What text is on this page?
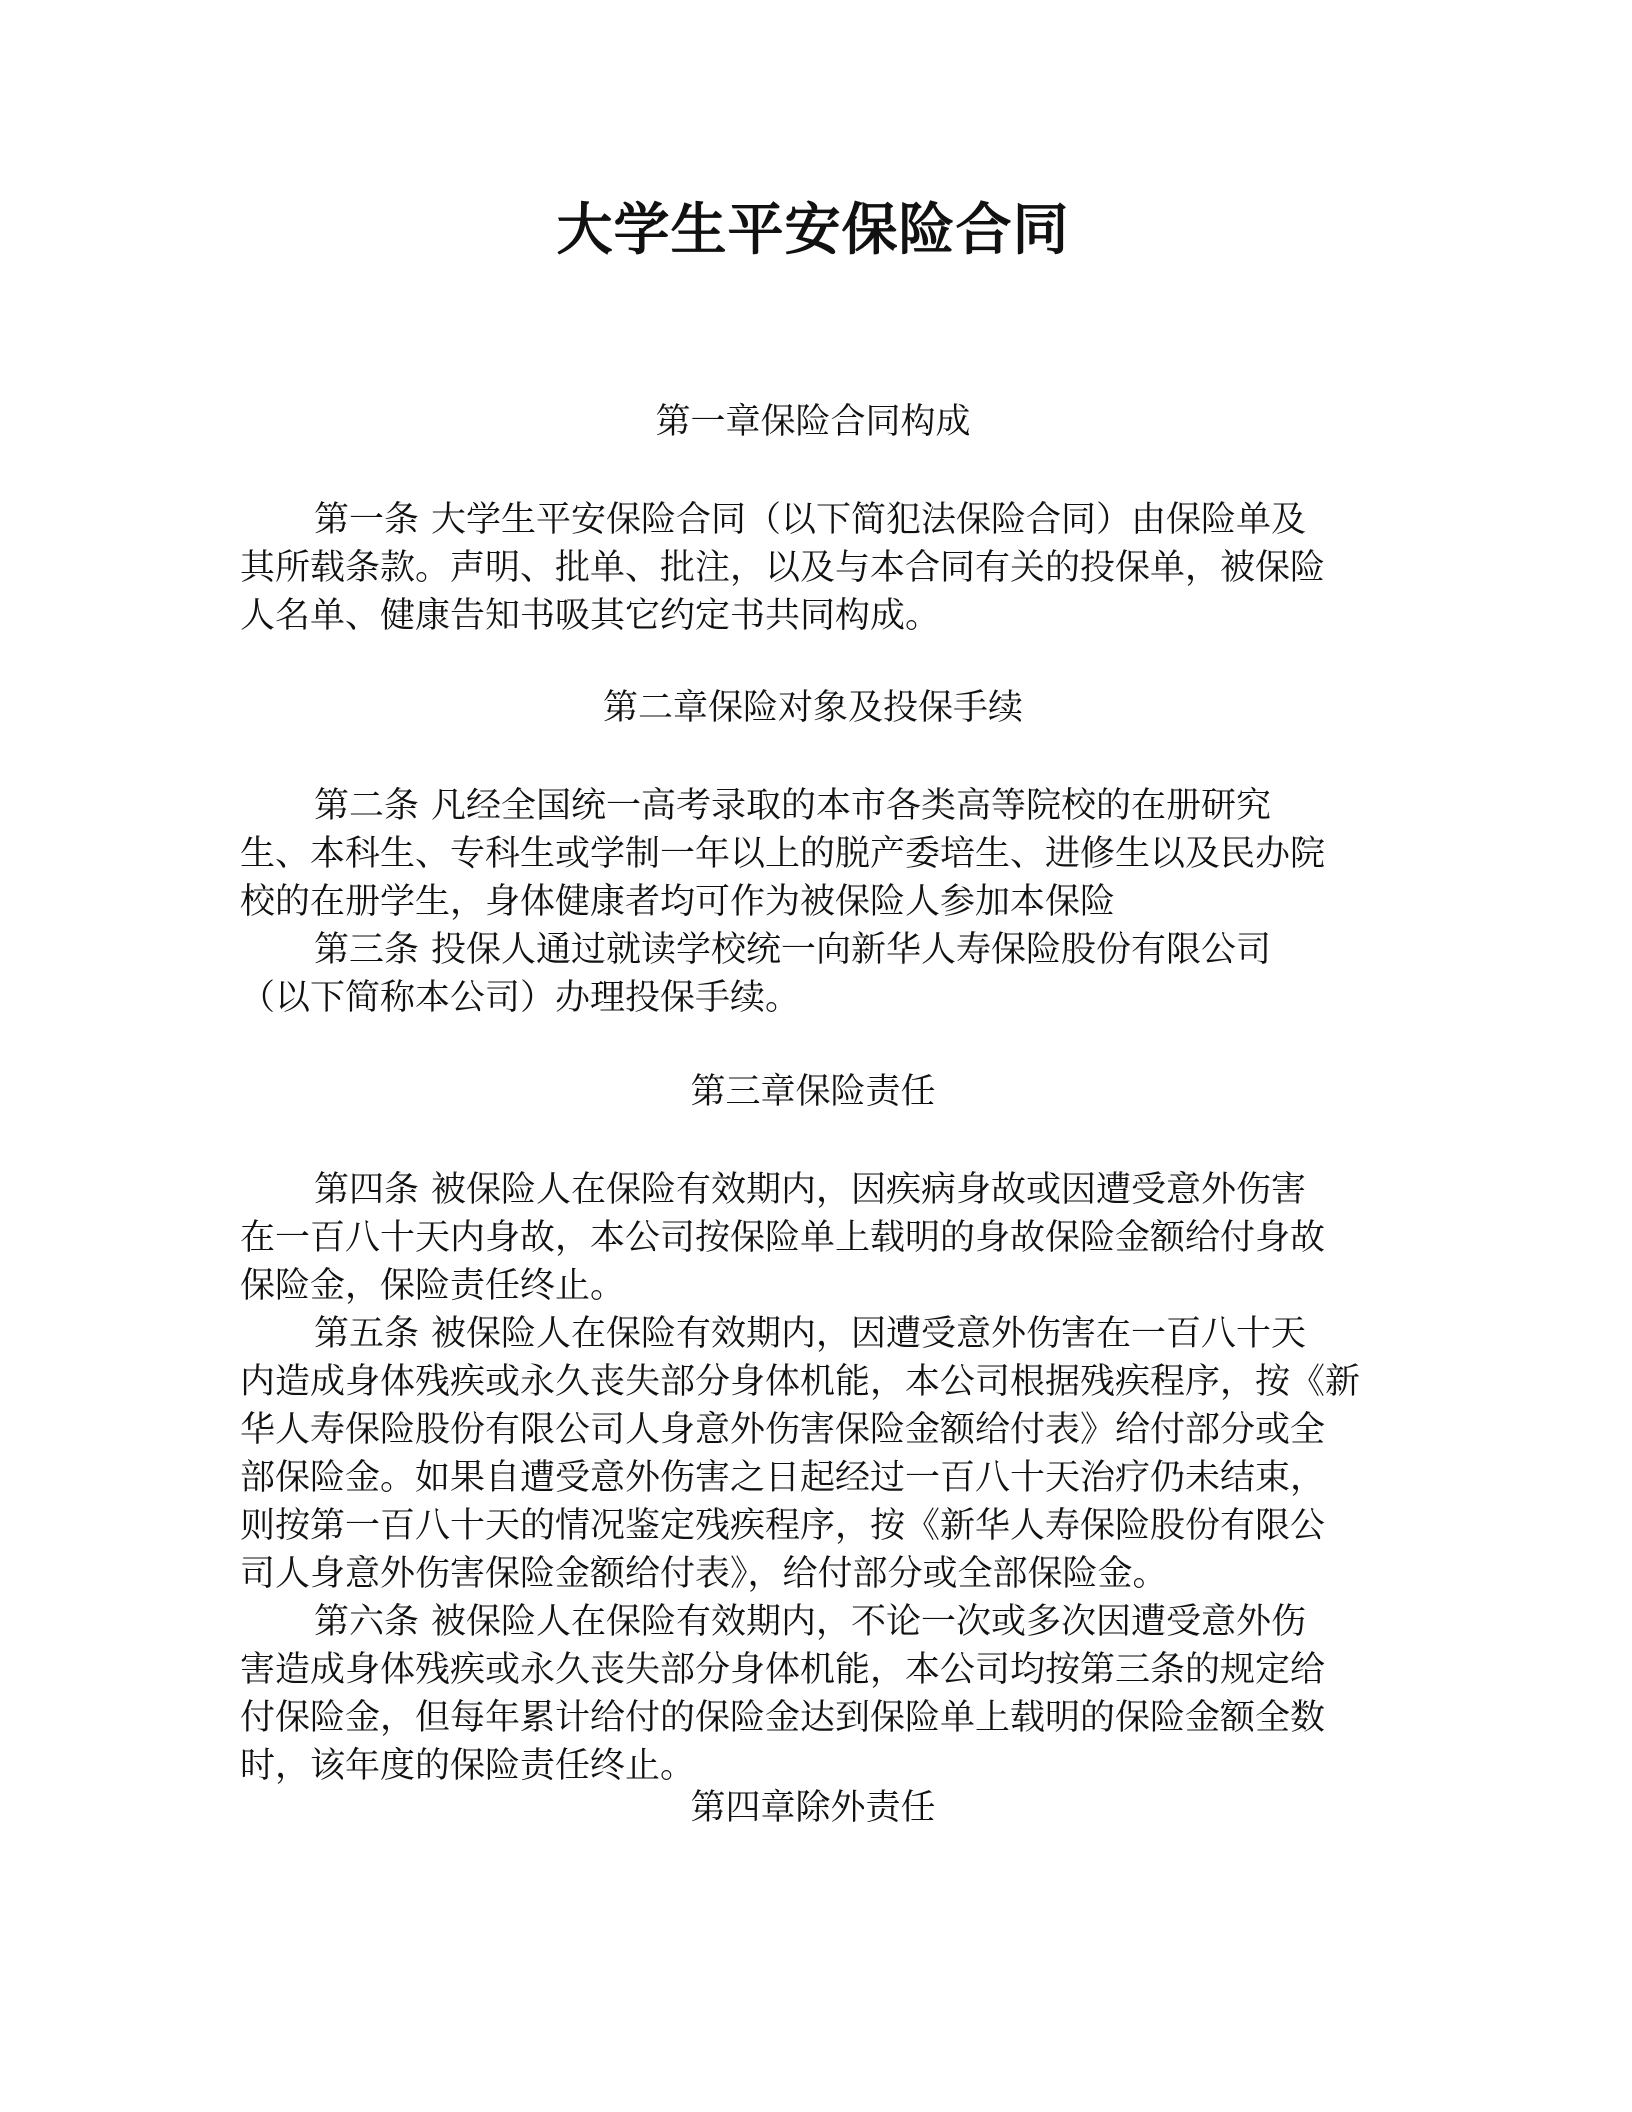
大学生平安保险合同
第一章保险合同构成
第一条 大学生平安保险合同（以下简犯法保险合同）由保险单及
其所载条款。声明、批单、批注，以及与本合同有关的投保单，被保险
人名单、健康告知书吸其它约定书共同构成。
第二章保险对象及投保手续
第二条 凡经全国统一高考录取的本市各类高等院校的在册研究
生、本科生、专科生或学制一年以上的脱产委培生、进修生以及民办院
校的在册学生，身体健康者均可作为被保险人参加本保险
第三条 投保人通过就读学校统一向新华人寿保险股份有限公司
（以下简称本公司）办理投保手续。
第三章保险责任
第四条 被保险人在保险有效期内，因疾病身故或因遭受意外伤害
在一百八十天内身故，本公司按保险单上载明的身故保险金额给付身故
保险金，保险责任终止。
第五条 被保险人在保险有效期内，因遭受意外伤害在一百八十天
内造成身体残疾或永久丧失部分身体机能，本公司根据残疾程序，按《新
华人寿保险股份有限公司人身意外伤害保险金额给付表》给付部分或全
部保险金。如果自遭受意外伤害之日起经过一百八十天治疗仍未结束，
则按第一百八十天的情况鉴定残疾程序，按《新华人寿保险股份有限公
司人身意外伤害保险金额给付表》，给付部分或全部保险金。
第六条 被保险人在保险有效期内，不论一次或多次因遭受意外伤
害造成身体残疾或永久丧失部分身体机能，本公司均按第三条的规定给
付保险金，但每年累计给付的保险金达到保险单上载明的保险金额全数
时，该年度的保险责任终止。
第四章除外责任
